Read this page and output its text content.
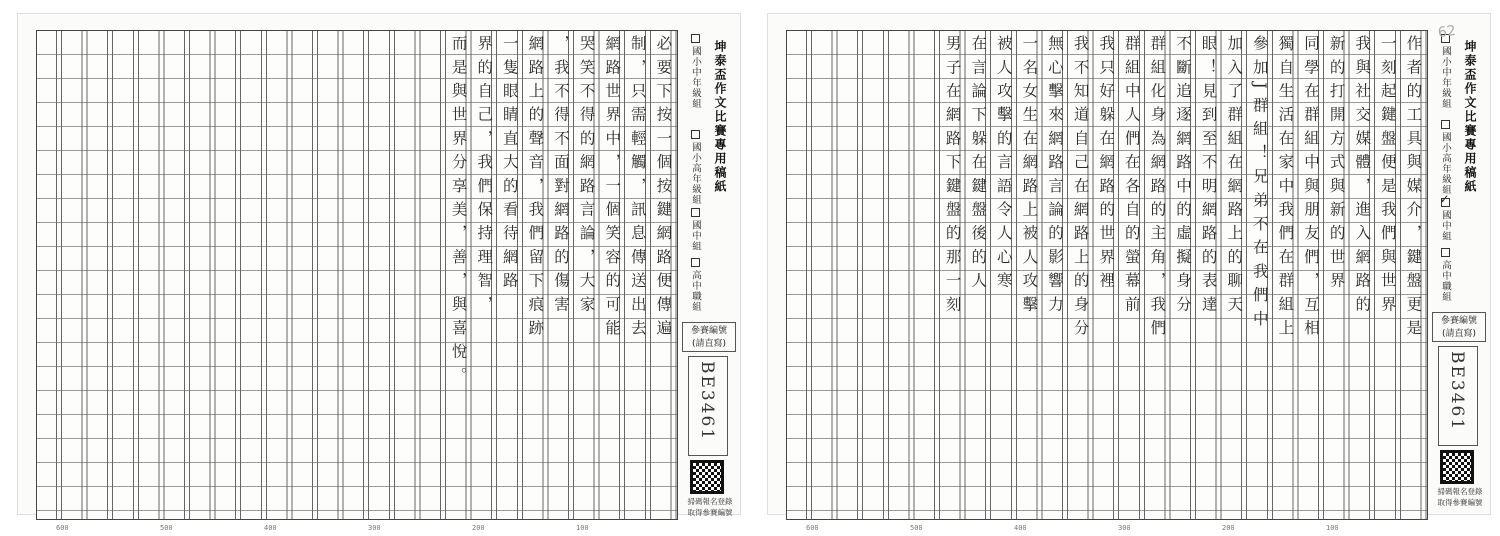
必要下按一個按鍵網路便傳遍
制，只需輕觸，訊息傳送出去
網路世界中，一個笑容的可能
哭笑不得的網路言論，大家
，我不得不面對網路的傷害
網路上的聲音，我們留下痕跡
一隻眼睛直大的看待網路
界的自己，我們保持理智，
而是與世界分享美，善，與喜悅。	坤泰盃作文比賽專用稿紙
國小中年級組
國小高年級組
國中組
高中職組
參賽編號
(請直寫)
BE3461
掃碼報名登錄
取得參賽編號
600	500	400	300	200	100
作者的工具與媒介，鍵盤更是
一刻起鍵盤便是我們與世界
我與社交媒體，進入網路的
新的打開方式與新的世界
同學在群組中與朋友們，互相
獨自生活在家中我們在群組上
參加J群組！兄弟不在我們中
加入了群組在網路上的聊天
眼！見到至不明網路的表達
不斷追逐網路中的虛擬身分
群組化身為網路的主角，我們
群組中人們在各自的螢幕前
我只好躲在網路的世界裡
我不知道自己在網路上的身分
無心擊來網路言論的影響力
一名女生在網路上被人攻擊
被人攻擊的言語令人心寒
在言論下躲在鍵盤後的人
男子在網路下鍵盤的那一刻	坤泰盃作文比賽專用稿紙
國小中年級組
國小高年級組
✓國中組
高中職組
參賽編號
(請直寫)
BE3461
掃碼報名登錄
取得參賽編號
600	500	400	300	200	100
62
